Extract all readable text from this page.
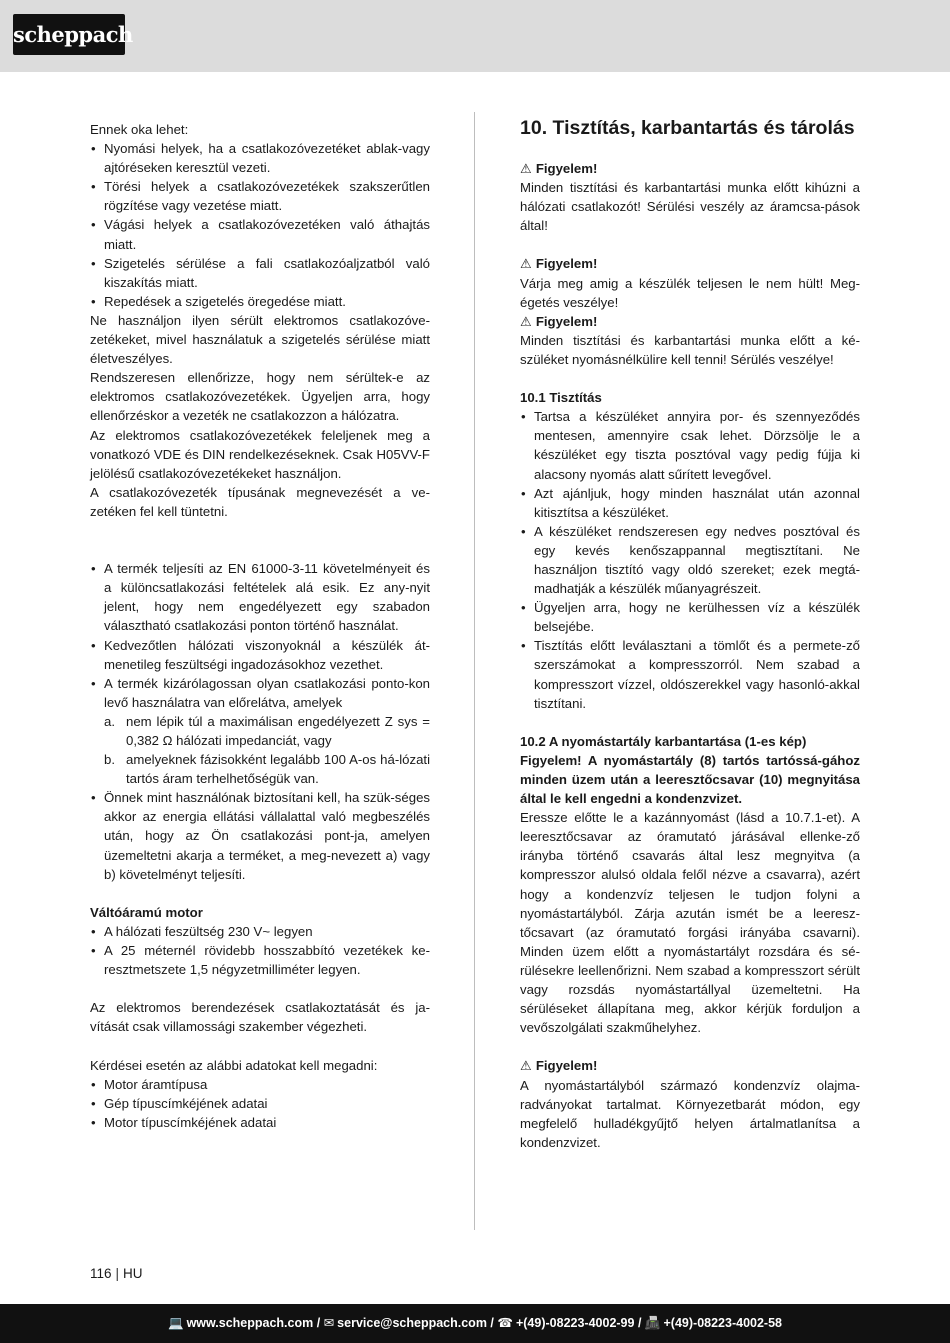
scheppach

Ennek oka lehet:

• Nyomási helyek, ha a csatlakozóvezetéket ablak-vagy ajtóréseken keresztül vezeti.
• Törési helyek a csatlakozóvezetékek szakszerűtlen rögzítése vagy vezetése miatt.
• Vágási helyek a csatlakozóvezetéken való áthajtás miatt.
• Szigetelés sérülése a fali csatlakozóaljzatból való kiszakítás miatt.
• Repedések a szigetelés öregedése miatt.

Ne használjon ilyen sérült elektromos csatlakozóve-zetékeket, mivel használatuk a szigetelés sérülése miatt életveszélyes.

Rendszeresen ellenőrizze, hogy nem sérültek-e az elektromos csatlakozóvezetékek. Ügyeljen arra, hogy ellenőrzéskor a vezeték ne csatlakozzon a hálózatra.

Az elektromos csatlakozóvezetékek feleljenek meg a vonatkozó VDE és DIN rendelkezéseknek. Csak H05VV-F jelölésű csatlakozóvezetékeket használjon.

A csatlakozóvezeték típusának megnevezését a ve-zetéken fel kell tüntetni.

• A termék teljesíti az EN 61000-3-11 követelményeit és a különcsatlakozási feltételek alá esik. Ez any-nyit jelent, hogy nem engedélyezett egy szabadon választható csatlakozási ponton történő használat.
• Kedvezőtlen hálózati viszonyoknál a készülék át-menetileg feszültségi ingadozásokhoz vezethet.
• A termék kizárólagossan olyan csatlakozási ponto-kon levő használatra van előrelátva, amelyek
a. nem lépik túl a maximálisan engedélyezett Z sys = 0,382 Ω hálózati impedanciát, vagy
b. amelyeknek fázisokként legalább 100 A-os há-lózati tartós áram terhelhetőségük van.
• Önnek mint használónak biztosítani kell, ha szük-séges akkor az energia ellátási vállalattal való megbeszélés után, hogy az Ön csatlakozási pont-ja, amelyen üzemeltetni akarja a terméket, a meg-nevezett a) vagy b) követelményt teljesíti.

Váltóáramú motor

• A hálózati feszültség 230 V~ legyen
• A 25 méternél rövidebb hosszabbító vezetékek ke-resztmetszete 1,5 négyzetmilliméter legyen.

Az elektromos berendezések csatlakoztatását és ja-vítását csak villamossági szakember végezheti.

Kérdései esetén az alábbi adatokat kell megadni:

• Motor áramtípusa
• Gép típuscímkéjének adatai
• Motor típuscímkéjének adatai
10. Tisztítás, karbantartás és tárolás

⚠ Figyelem!

Minden tisztítási és karbantartási munka előtt kihúzni a hálózati csatlakozót! Sérülési veszély az áramcsa-pások által!

⚠ Figyelem!

Várja meg amig a készülék teljesen le nem hült! Meg-égetés veszélye!

⚠ Figyelem!

Minden tisztítási és karbantartási munka előtt a ké-szüléket nyomásnélkülire kell tenni! Sérülés veszélye!

10.1 Tisztítás

• Tartsa a készüléket annyira por- és szennyeződés mentesen, amennyire csak lehet. Dörzsölje le a készüléket egy tiszta posztóval vagy pedig fújja ki alacsony nyomás alatt sűrített levegővel.
• Azt ajánljuk, hogy minden használat után azonnal kitisztítsa a készüléket.
• A készüléket rendszeresen egy nedves posztóval és egy kevés kenőszappannal megtisztítani. Ne használjon tisztító vagy oldó szereket; ezek megtá-madhatják a készülék műanyagrészeit.
• Ügyeljen arra, hogy ne kerülhessen víz a készülék belsejébe.
• Tisztítás előtt leválasztani a tömlőt és a permete-ző szerszámokat a kompresszorról. Nem szabad a kompresszort vízzel, oldószerekkel vagy hasonló-akkal tisztítani.

10.2 A nyomástartály karbantartása (1-es kép)

Figyelem! A nyomástartály (8) tartós tartóssá-gához minden üzem után a leeresztőcsavar (10) megnyitása által le kell engedni a kondenzvizet.

Eressze előtte le a kazánnyomást (lásd a 10.7.1-et). A leeresztőcsavar az óramutató járásával ellenke-ző irányba történő csavarás által lesz megnyitva (a kompresszor alulsó oldala felől nézve a csavarra), azért hogy a kondenzvíz teljesen le tudjon folyni a nyomástartályból. Zárja azután ismét be a leeresz-tőcsavart (az óramutató forgási irányába csavarni). Minden üzem előtt a nyomástartályt rozsdára és sé-rülésekre leellenőrizni. Nem szabad a kompresszort sérült vagy rozsdás nyomástartállyal üzemeltetni. Ha sérüléseket állapítana meg, akkor kérjük forduljon a vevőszolgálati szakműhelyhez.

⚠ Figyelem!

A nyomástartályból származó kondenzvíz olajma-radványokat tartalmat. Környezetbarát módon, egy megfelelő hulladékgyűjtő helyen ártalmatlanítsa a kondenzvizet.

116 | HU
💻 www.scheppach.com / ✉ service@scheppach.com / ☎ +(49)-08223-4002-99 / 📠 +(49)-08223-4002-58
